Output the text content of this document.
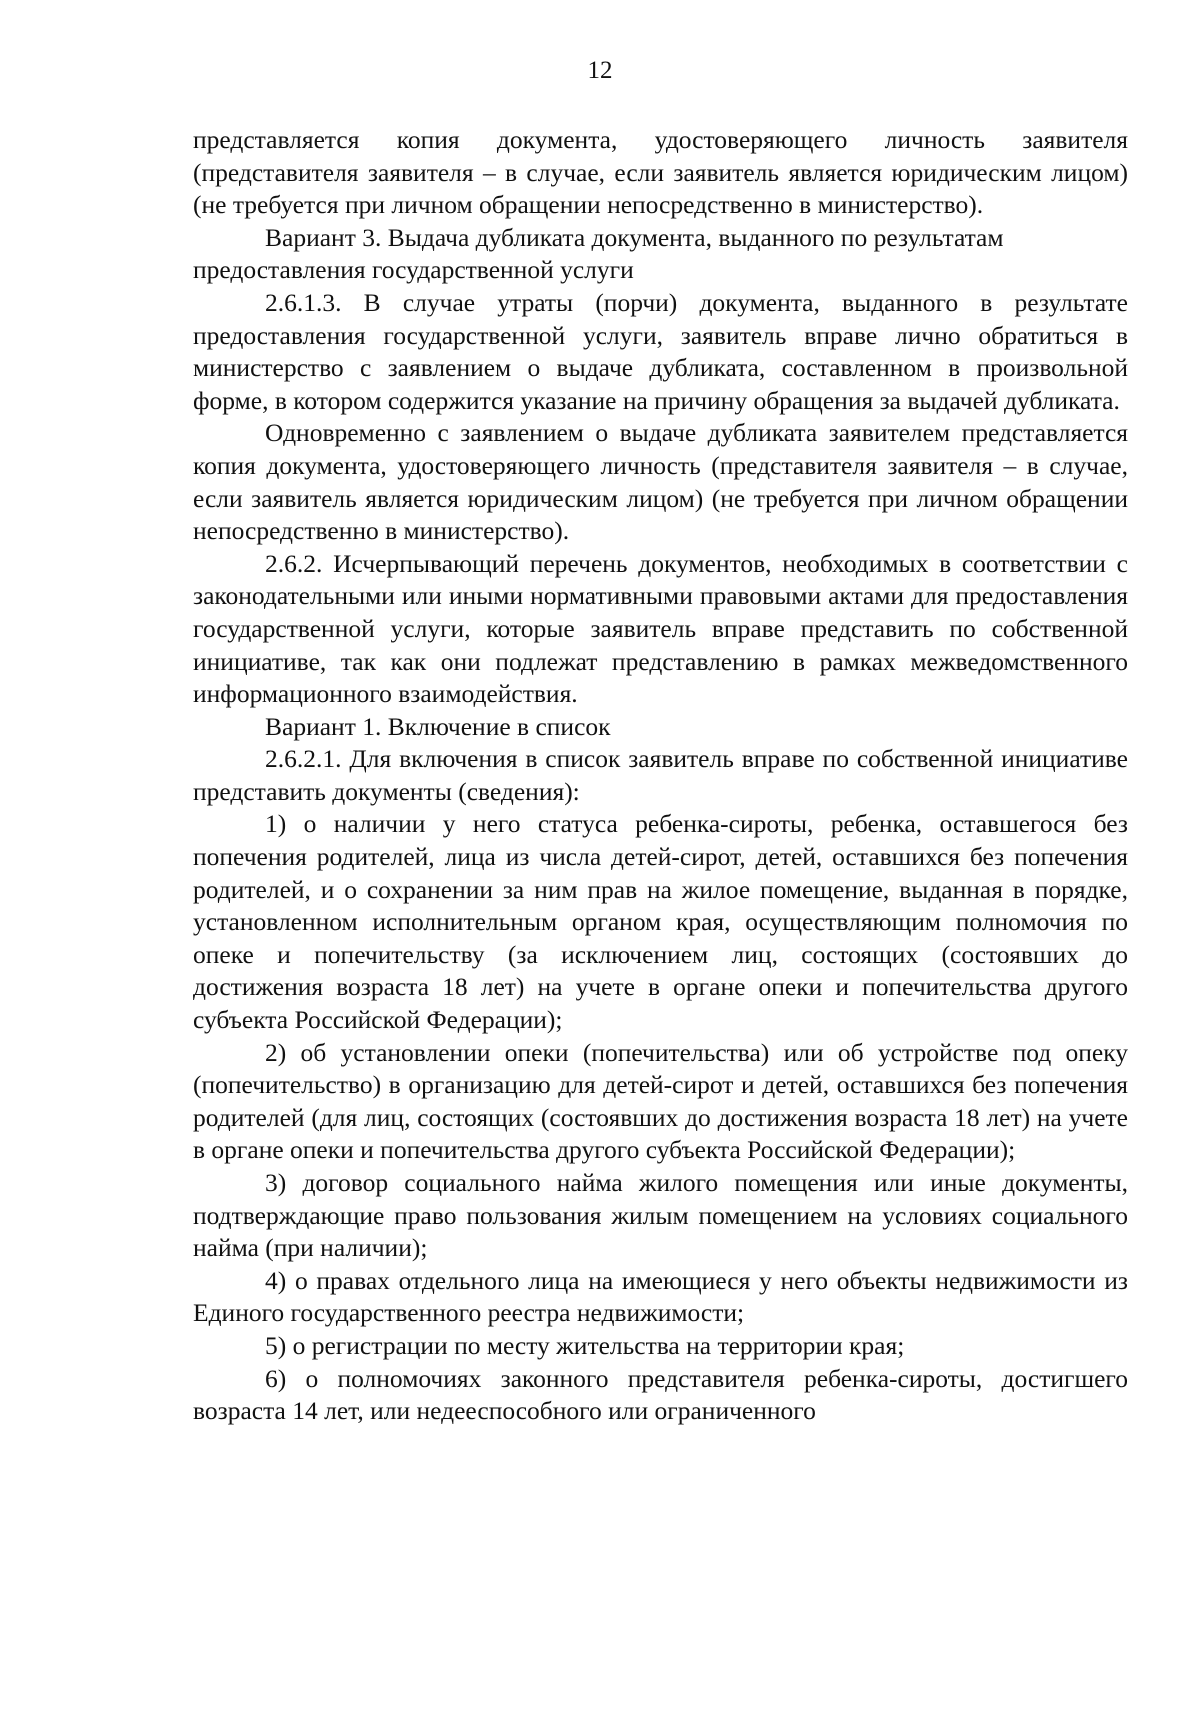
12

представляется копия документа, удостоверяющего личность заявителя (представителя заявителя – в случае, если заявитель является юридическим лицом) (не требуется при личном обращении непосредственно в министерство).

Вариант 3. Выдача дубликата документа, выданного по результатам предоставления государственной услуги

2.6.1.3. В случае утраты (порчи) документа, выданного в результате предоставления государственной услуги, заявитель вправе лично обратиться в министерство с заявлением о выдаче дубликата, составленном в произвольной форме, в котором содержится указание на причину обращения за выдачей дубликата.

Одновременно с заявлением о выдаче дубликата заявителем представляется копия документа, удостоверяющего личность (представителя заявителя – в случае, если заявитель является юридическим лицом) (не требуется при личном обращении непосредственно в министерство).

2.6.2. Исчерпывающий перечень документов, необходимых в соответствии с законодательными или иными нормативными правовыми актами для предоставления государственной услуги, которые заявитель вправе представить по собственной инициативе, так как они подлежат представлению в рамках межведомственного информационного взаимодействия.

Вариант 1. Включение в список

2.6.2.1. Для включения в список заявитель вправе по собственной инициативе представить документы (сведения):

1) о наличии у него статуса ребенка-сироты, ребенка, оставшегося без попечения родителей, лица из числа детей-сирот, детей, оставшихся без попечения родителей, и о сохранении за ним прав на жилое помещение, выданная в порядке, установленном исполнительным органом края, осуществляющим полномочия по опеке и попечительству (за исключением лиц, состоящих (состоявших до достижения возраста 18 лет) на учете в органе опеки и попечительства другого субъекта Российской Федерации);

2) об установлении опеки (попечительства) или об устройстве под опеку (попечительство) в организацию для детей-сирот и детей, оставшихся без попечения родителей (для лиц, состоящих (состоявших до достижения возраста 18 лет) на учете в органе опеки и попечительства другого субъекта Российской Федерации);

3) договор социального найма жилого помещения или иные документы, подтверждающие право пользования жилым помещением на условиях социального найма (при наличии);

4) о правах отдельного лица на имеющиеся у него объекты недвижимости из Единого государственного реестра недвижимости;

5) о регистрации по месту жительства на территории края;

6) о полномочиях законного представителя ребенка-сироты, достигшего возраста 14 лет, или недееспособного или ограниченного
